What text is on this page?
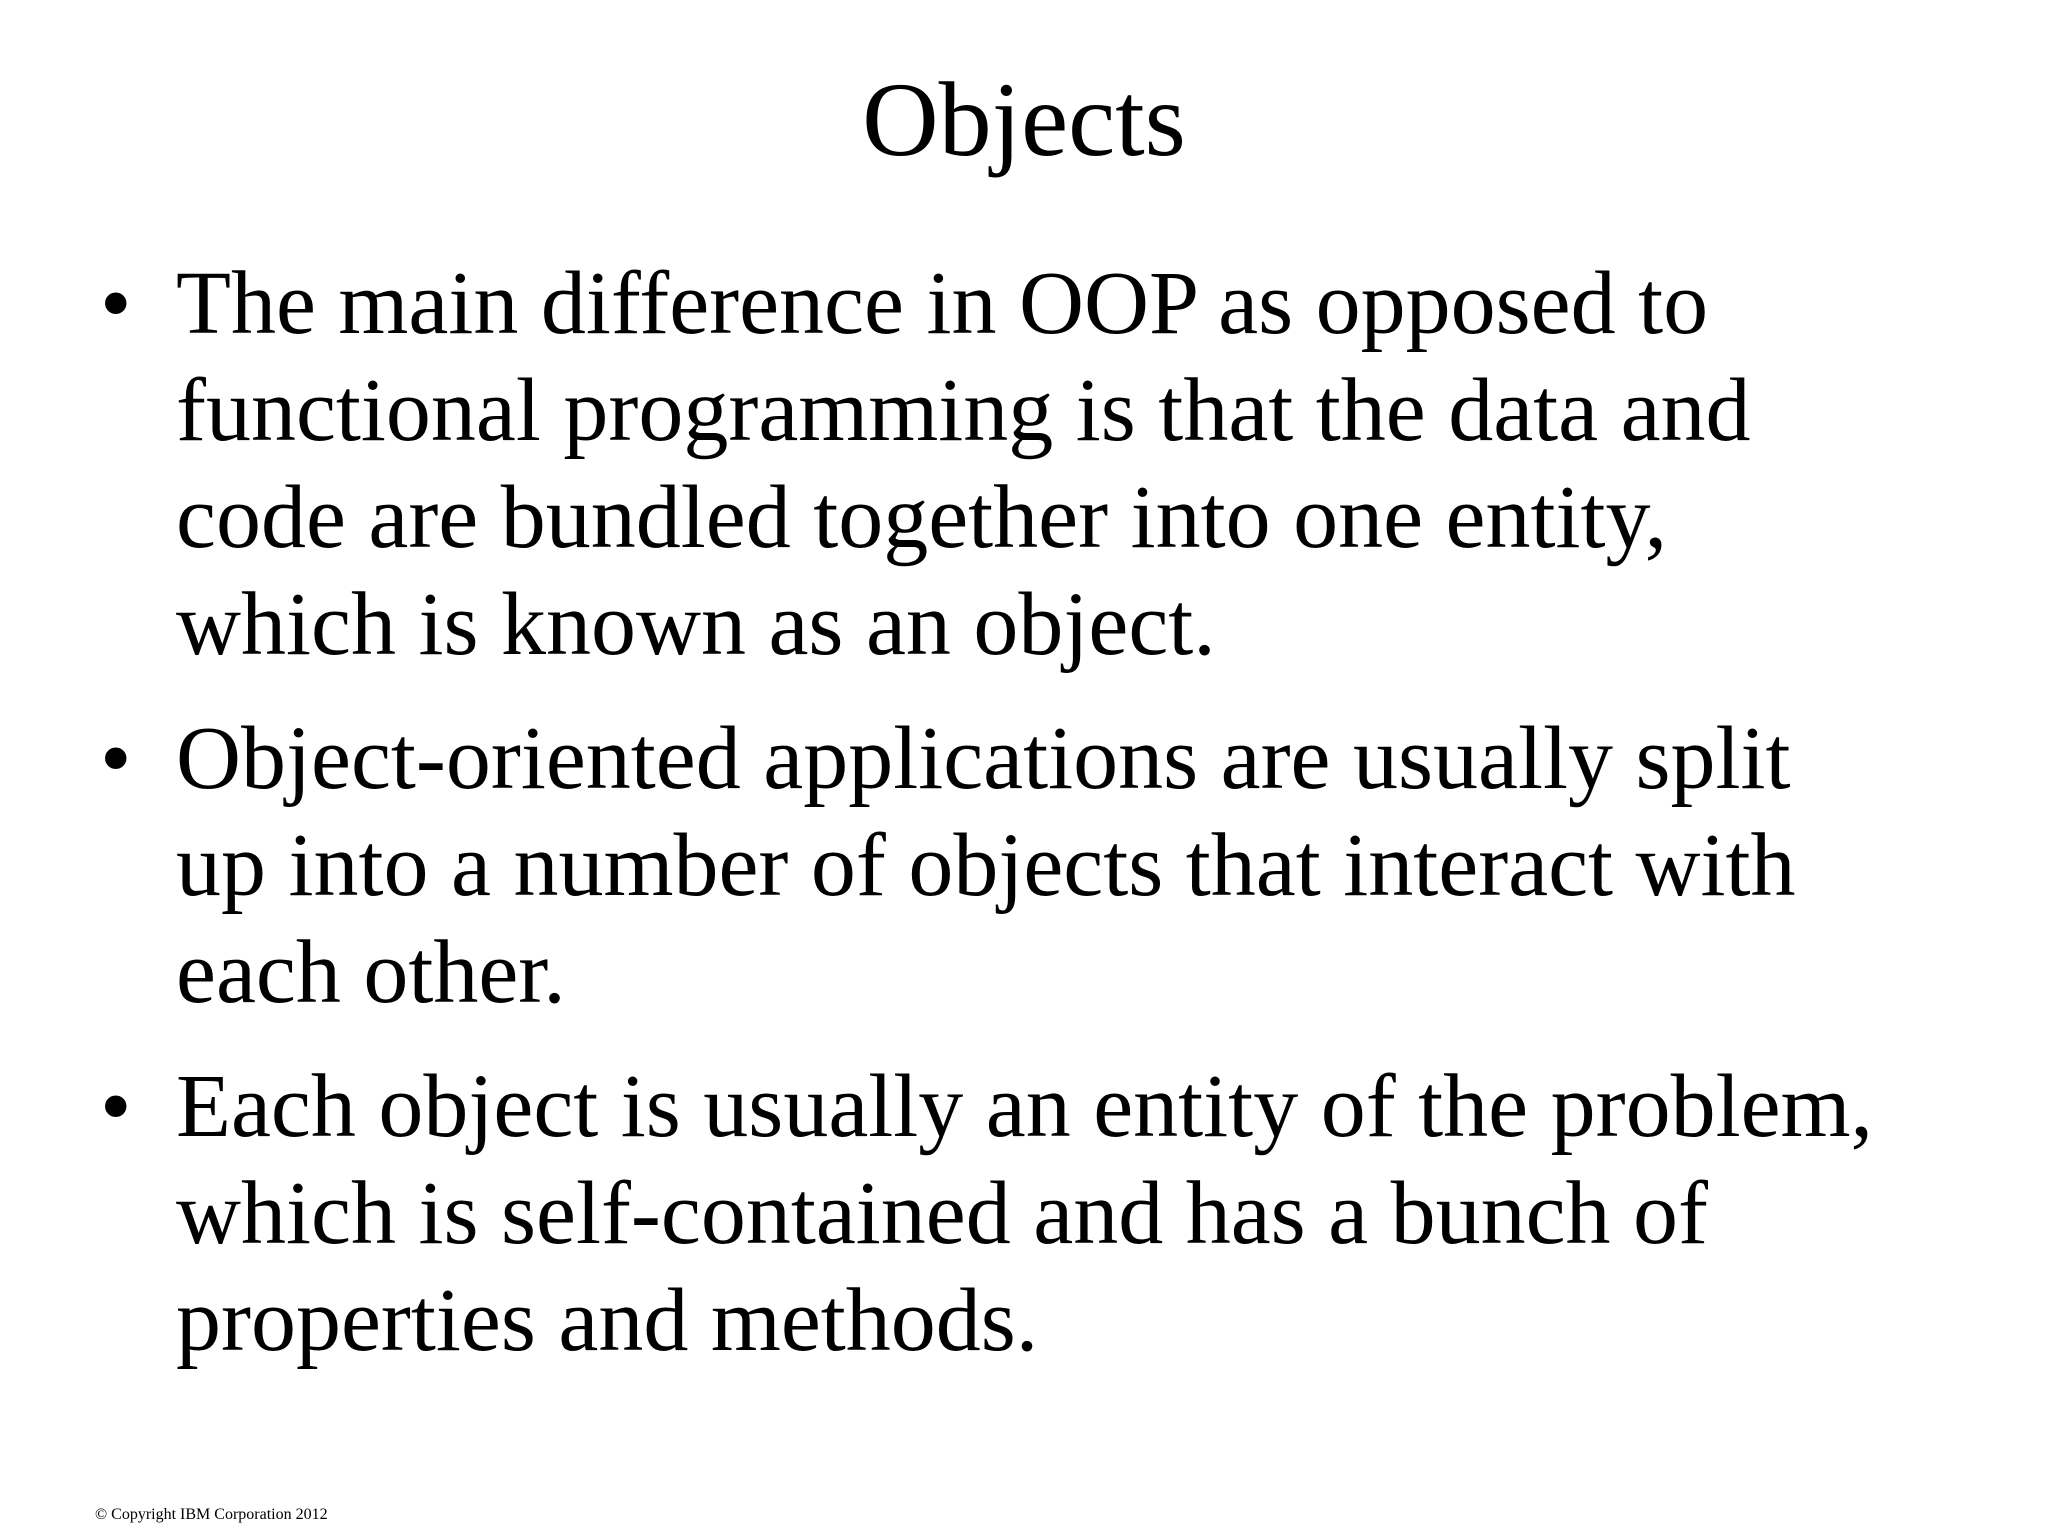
Objects
• The main difference in OOP as opposed to
functional programming is that the data and
code are bundled together into one entity,
which is known as an object.
• Object-oriented applications are usually split
up into a number of objects that interact with
each other.
• Each object is usually an entity of the problem,
which is self-contained and has a bunch of
properties and methods.
© Copyright IBM Corporation 2012
